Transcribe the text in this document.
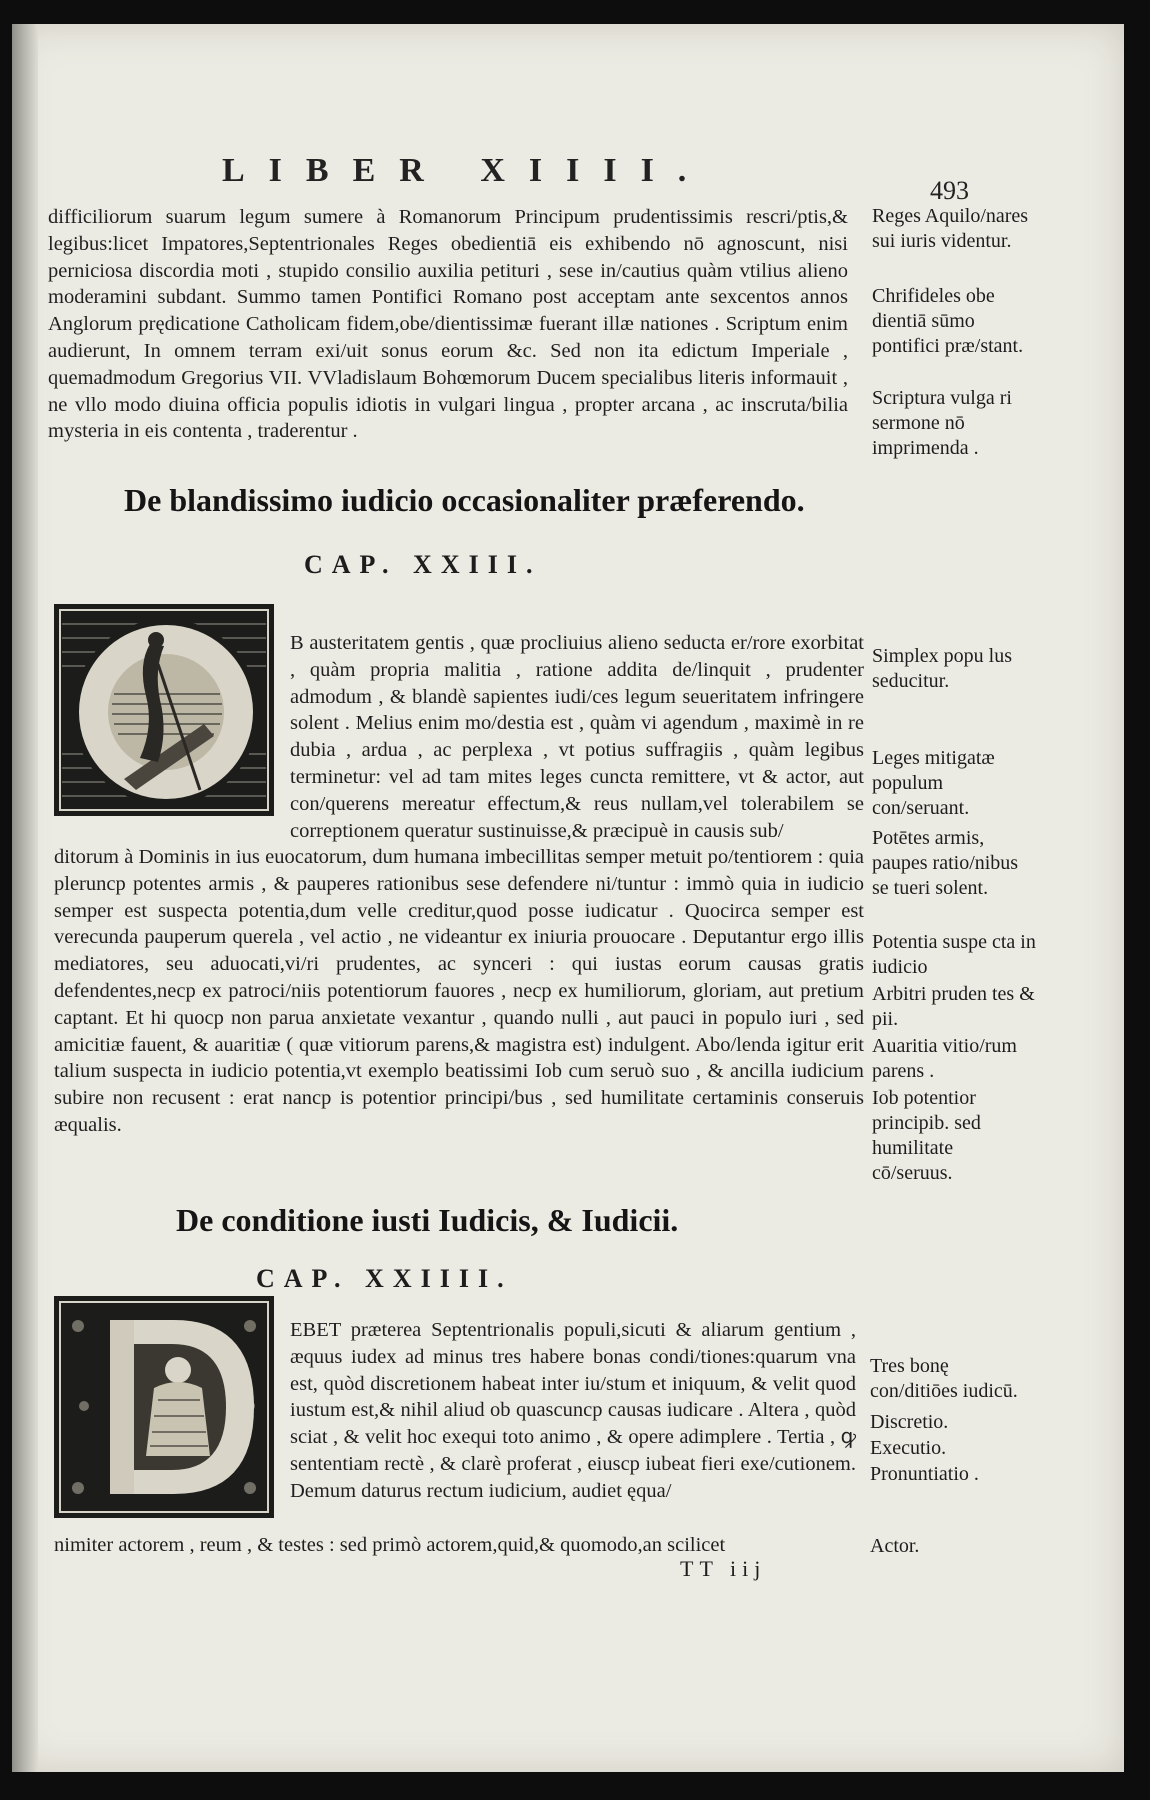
LIBER XIIII.
493

difficiliorum suarum legum sumere à Romanorum Principum prudentissimis rescri/ptis,& legibus:licet Impatores,Septentrionales Reges obedientiā eis exhibendo nō agnoscunt, nisi perniciosa discordia moti , stupido consilio auxilia petituri , sese in/cautius quàm vtilius alieno moderamini subdant. Summo tamen Pontifici Romano post acceptam ante sexcentos annos Anglorum prędicatione Catholicam fidem,obe/dientissimæ fuerant illæ nationes . Scriptum enim audierunt, In omnem terram exi/uit sonus eorum &c. Sed non ita edictum Imperiale , quemadmodum Gregorius VII. VVladislaum Bohœmorum Ducem specialibus literis informauit , ne vllo modo diuina officia populis idiotis in vulgari lingua , propter arcana , ac inscruta/bilia mysteria in eis contenta , traderentur .

Reges Aquilo/nares sui iuris videntur.
Chrifideles obe dientiā sūmo pontifici præ/stant.
Scriptura vulga ri sermone nō imprimenda .
De blandissimo iudicio occasionaliter præferendo.
CAP. XXIII.

B austeritatem gentis , quæ procliuius alieno seducta er/rore exorbitat , quàm propria malitia , ratione addita de/linquit , prudenter admodum , & blandè sapientes iudi/ces legum seueritatem infringere solent . Melius enim mo/destia est , quàm vi agendum , maximè in re dubia , ardua , ac perplexa , vt potius suffragiis , quàm legibus terminetur: vel ad tam mites leges cuncta remittere, vt & actor, aut con/querens mereatur effectum,& reus nullam,vel tolerabilem se correptionem queratur sustinuisse,& præcipuè in causis sub/

ditorum à Dominis in ius euocatorum, dum humana imbecillitas semper metuit po/tentiorem : quia pleruncp potentes armis , & pauperes rationibus sese defendere ni/tuntur : immò quia in iudicio semper est suspecta potentia,dum velle creditur,quod posse iudicatur . Quocirca semper est verecunda pauperum querela , vel actio , ne videantur ex iniuria prouocare . Deputantur ergo illis mediatores, seu aduocati,vi/ri prudentes, ac synceri : qui iustas eorum causas gratis defendentes,necp ex patroci/niis potentiorum fauores , necp ex humiliorum, gloriam, aut pretium captant. Et hi quocp non parua anxietate vexantur , quando nulli , aut pauci in populo iuri , sed amicitiæ fauent, & auaritiæ ( quæ vitiorum parens,& magistra est) indulgent. Abo/lenda igitur erit talium suspecta in iudicio potentia,vt exemplo beatissimi Iob cum seruò suo , & ancilla iudicium subire non recusent : erat nancp is potentior principi/bus , sed humilitate certaminis conseruis æqualis.

Simplex popu lus seducitur.
Leges mitigatæ populum con/seruant.
Potētes armis, paupes ratio/nibus se tueri solent.
Potentia suspe cta in iudicio
Arbitri pruden tes & pii.
Auaritia vitio/rum parens .
Iob potentior principib. sed humilitate cō/seruus.
De conditione iusti Iudicis, & Iudicii.
CAP. XXIIII.

EBET præterea Septentrionalis populi,sicuti & aliarum gentium , æquus iudex ad minus tres habere bonas condi/tiones:quarum vna est, quòd discretionem habeat inter iu/stum et iniquum, & velit quod iustum est,& nihil aliud ob quascuncp causas iudicare . Altera , quòd sciat , & velit hoc exequi toto animo , & opere adimplere . Tertia , ꝙ sententiam rectè , & clarè proferat , eiuscp iubeat fieri exe/cutionem. Demum daturus rectum iudicium, audiet ęqua/

nimiter actorem , reum , & testes : sed primò actorem,quid,& quomodo,an scilicet

Tres bonę con/ditiōes iudicū.
Discretio.
Executio.
Pronuntiatio .
Actor.
TT iij
